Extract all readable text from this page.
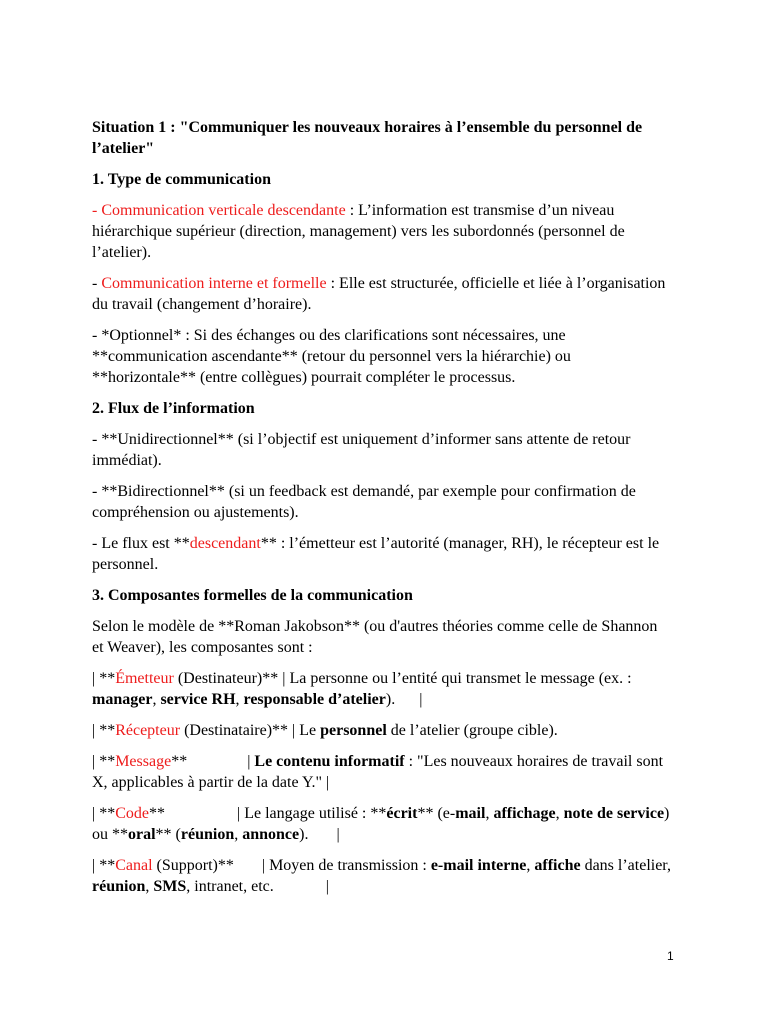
Situation 1 : "Communiquer les nouveaux horaires à l’ensemble du personnel de l’atelier"

1. Type de communication

- Communication verticale descendante : L’information est transmise d’un niveau hiérarchique supérieur (direction, management) vers les subordonnés (personnel de l’atelier).

- Communication interne et formelle : Elle est structurée, officielle et liée à l’organisation du travail (changement d’horaire).

- *Optionnel* : Si des échanges ou des clarifications sont nécessaires, une **communication ascendante** (retour du personnel vers la hiérarchie) ou **horizontale** (entre collègues) pourrait compléter le processus.

2. Flux de l’information

- **Unidirectionnel** (si l’objectif est uniquement d’informer sans attente de retour immédiat).

- **Bidirectionnel** (si un feedback est demandé, par exemple pour confirmation de compréhension ou ajustements).

- Le flux est **descendant** : l’émetteur est l’autorité (manager, RH), le récepteur est le personnel.

3. Composantes formelles de la communication

Selon le modèle de **Roman Jakobson** (ou d'autres théories comme celle de Shannon et Weaver), les composantes sont :

| **Émetteur (Destinateur)** | La personne ou l’entité qui transmet le message (ex. : manager, service RH, responsable d’atelier).      |

| **Récepteur (Destinataire)** | Le personnel de l’atelier (groupe cible).

| **Message**               | Le contenu informatif : "Les nouveaux horaires de travail sont X, applicables à partir de la date Y." |

| **Code**                  | Le langage utilisé : **écrit** (e-mail, affichage, note de service) ou **oral** (réunion, annonce).       |

| **Canal (Support)**       | Moyen de transmission : e-mail interne, affiche dans l’atelier, réunion, SMS, intranet, etc.             |

1
